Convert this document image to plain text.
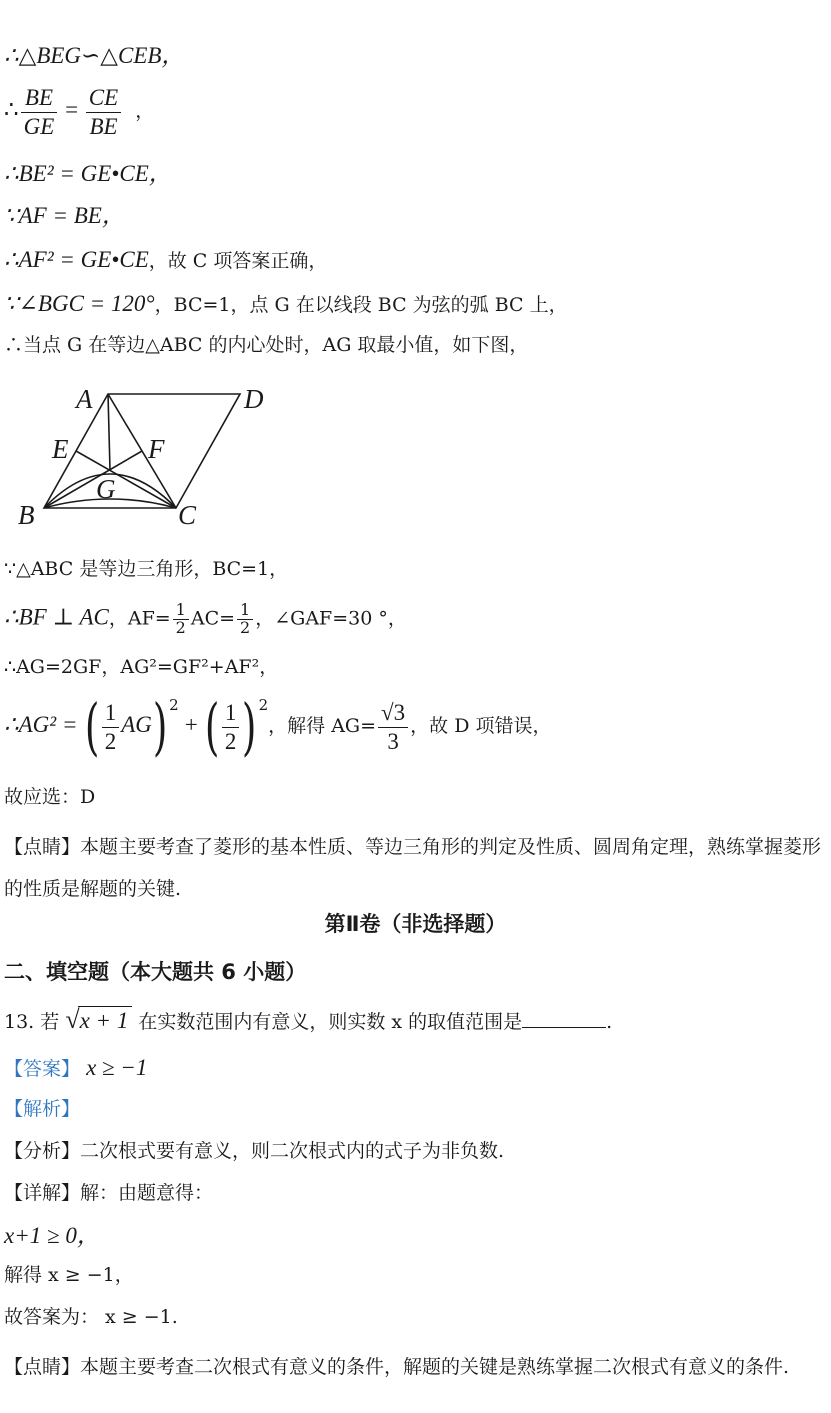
∴△BEG∽△CEB，
∴ $\frac{BE}{GE} = \frac{CE}{BE}$ ，
∴BE² = GE•CE，
∵AF = BE，
∴AF² = GE•CE，故 C 项答案正确，
∵∠BGC = 120°，BC=1，点 G 在以线段 BC 为弦的弧 BC 上，
∴当点 G 在等边△ABC 的内心处时，AG 取最小值，如下图，
A	D
E	F
G
B	C
∵△ABC 是等边三角形，BC=1，
∴BF ⊥ AC，$AF= \frac{1}{2} AC= \frac{1}{2}$ ，∠GAF=30 °，
∴AG=2GF，AG²=GF²+AF²，
∴AG² = ( $\frac{1}{2} AG$) $^2$ + ( $\frac{1}{2}$ ) $^2$，解得 $AG= \frac{√3}{3}$ ，故 D 项错误，
故应选：D
【点睛】本题主要考查了菱形的基本性质、等边三角形的判定及性质、圆周角定理，熟练掌握菱形的性质是解题的关键.
第Ⅱ卷（非选择题）
二、填空题（本大题共 6 小题）
13. 若 √x + 1 在实数范围内有意义，则实数 x 的取值范围是	.
【答案】 x ≥ −1
【解析】
【分析】二次根式要有意义，则二次根式内的式子为非负数.
【详解】解：由题意得：
x+1 ≥ 0，
解得 x ≥ −1，
故答案为： x ≥ −1.
【点睛】本题主要考查二次根式有意义的条件，解题的关键是熟练掌握二次根式有意义的条件.
